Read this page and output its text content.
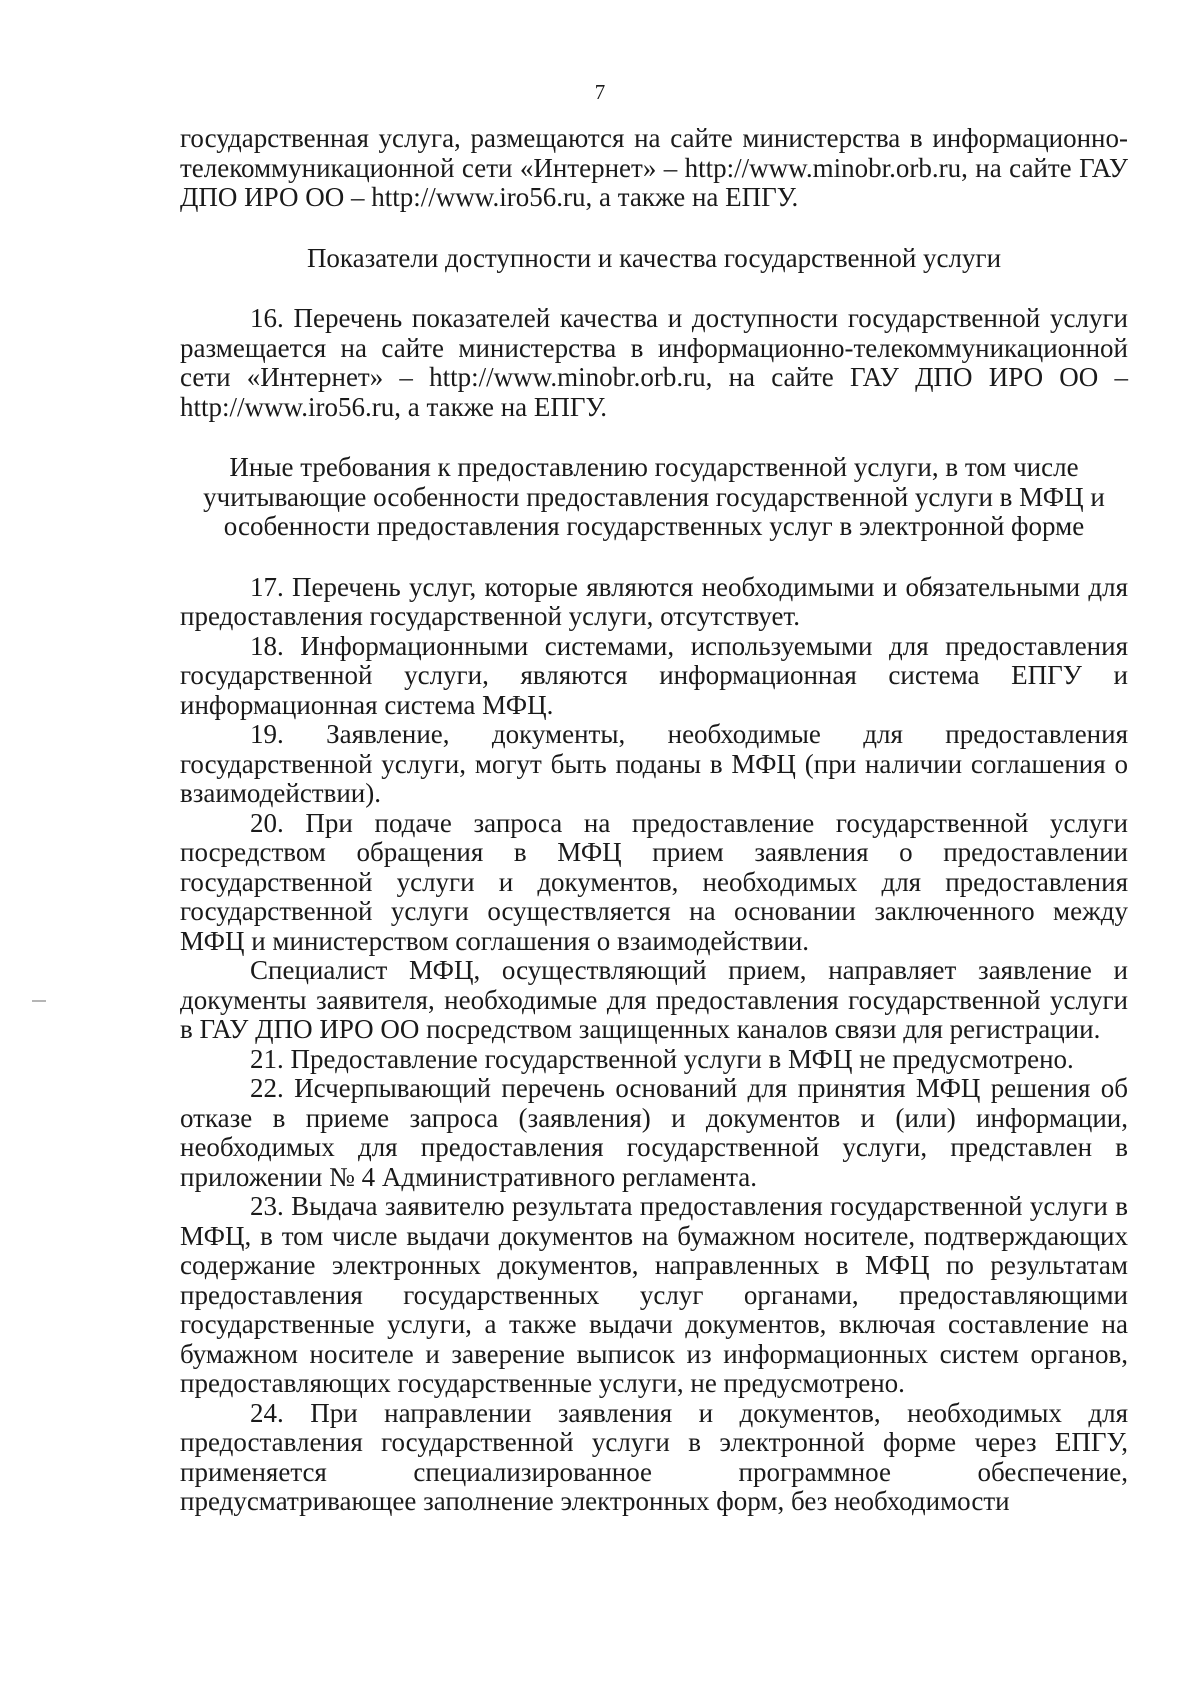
7

государственная услуга, размещаются на сайте министерства в информационно-телекоммуникационной сети «Интернет» – http://www.minobr.orb.ru, на сайте ГАУ ДПО ИРО ОО – http://www.iro56.ru, а также на ЕПГУ.

Показатели доступности и качества государственной услуги

16. Перечень показателей качества и доступности государственной услуги размещается на сайте министерства в информационно-телекоммуникационной сети «Интернет» – http://www.minobr.orb.ru, на сайте ГАУ ДПО ИРО ОО – http://www.iro56.ru, а также на ЕПГУ.

Иные требования к предоставлению государственной услуги, в том числе учитывающие особенности предоставления государственной услуги в МФЦ и особенности предоставления государственных услуг в электронной форме

17. Перечень услуг, которые являются необходимыми и обязательными для предоставления государственной услуги, отсутствует.

18. Информационными системами, используемыми для предоставления государственной услуги, являются информационная система ЕПГУ и информационная система МФЦ.

19. Заявление, документы, необходимые для предоставления государственной услуги, могут быть поданы в МФЦ (при наличии соглашения о взаимодействии).

20. При подаче запроса на предоставление государственной услуги посредством обращения в МФЦ прием заявления о предоставлении государственной услуги и документов, необходимых для предоставления государственной услуги осуществляется на основании заключенного между МФЦ и министерством соглашения о взаимодействии.

Специалист МФЦ, осуществляющий прием, направляет заявление и документы заявителя, необходимые для предоставления государственной услуги в ГАУ ДПО ИРО ОО посредством защищенных каналов связи для регистрации.

21. Предоставление государственной услуги в МФЦ не предусмотрено.

22. Исчерпывающий перечень оснований для принятия МФЦ решения об отказе в приеме запроса (заявления) и документов и (или) информации, необходимых для предоставления государственной услуги, представлен в приложении № 4 Административного регламента.

23. Выдача заявителю результата предоставления государственной услуги в МФЦ, в том числе выдачи документов на бумажном носителе, подтверждающих содержание электронных документов, направленных в МФЦ по результатам предоставления государственных услуг органами, предоставляющими государственные услуги, а также выдачи документов, включая составление на бумажном носителе и заверение выписок из информационных систем органов, предоставляющих государственные услуги, не предусмотрено.

24. При направлении заявления и документов, необходимых для предоставления государственной услуги в электронной форме через ЕПГУ, применяется специализированное программное обеспечение, предусматривающее заполнение электронных форм, без необходимости
